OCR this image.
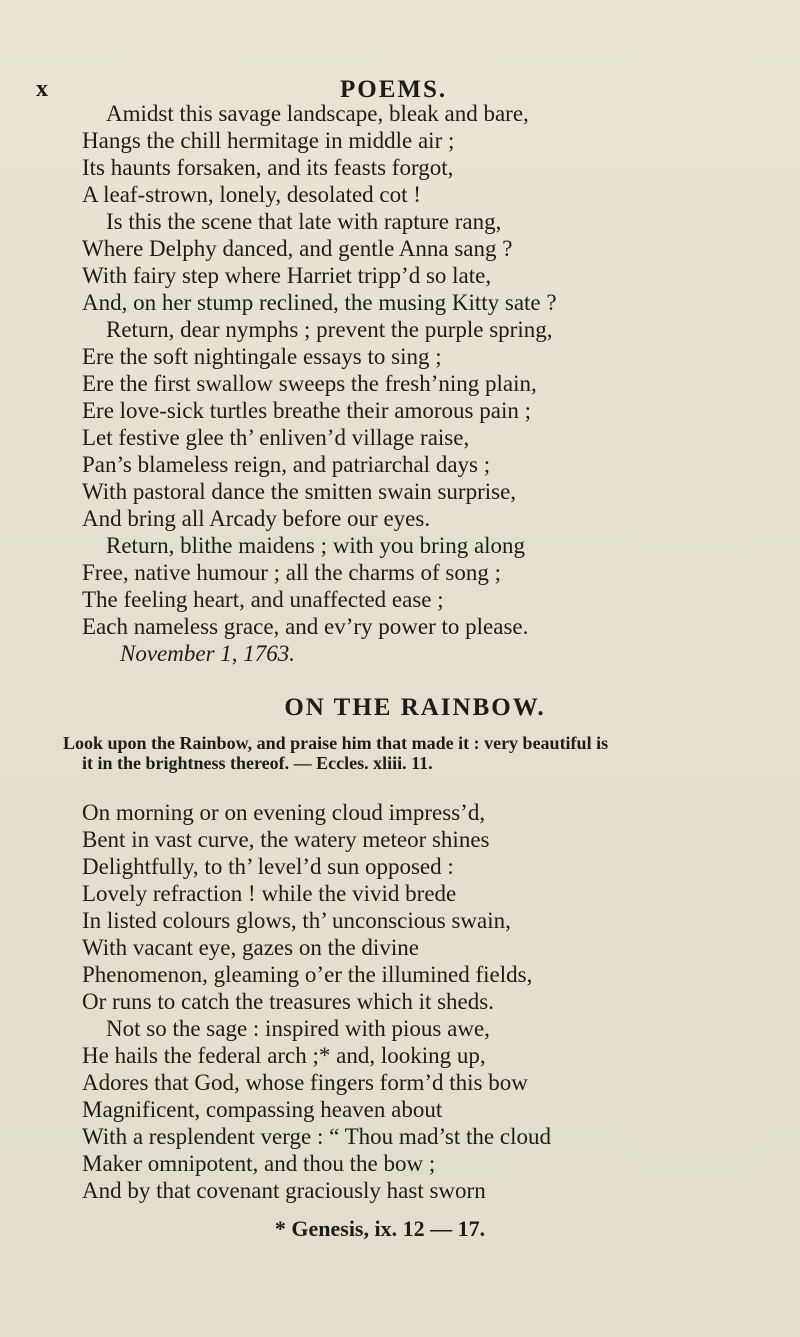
x	POEMS.
Amidst this savage landscape, bleak and bare,
Hangs the chill hermitage in middle air ;
Its haunts forsaken, and its feasts forgot,
A leaf-strown, lonely, desolated cot !
Is this the scene that late with rapture rang,
Where Delphy danced, and gentle Anna sang ?
With fairy step where Harriet tripp’d so late,
And, on her stump reclined, the musing Kitty sate ?
Return, dear nymphs ; prevent the purple spring,
Ere the soft nightingale essays to sing ;
Ere the first swallow sweeps the fresh’ning plain,
Ere love-sick turtles breathe their amorous pain ;
Let festive glee th’ enliven’d village raise,
Pan’s blameless reign, and patriarchal days ;
With pastoral dance the smitten swain surprise,
And bring all Arcady before our eyes.
Return, blithe maidens ; with you bring along
Free, native humour ; all the charms of song ;
The feeling heart, and unaffected ease ;
Each nameless grace, and ev’ry power to please.
November 1, 1763.
ON THE RAINBOW.
Look upon the Rainbow, and praise him that made it : very beautiful is
it in the brightness thereof. — Eccles. xliii. 11.
On morning or on evening cloud impress’d,
Bent in vast curve, the watery meteor shines
Delightfully, to th’ level’d sun opposed :
Lovely refraction ! while the vivid brede
In listed colours glows, th’ unconscious swain,
With vacant eye, gazes on the divine
Phenomenon, gleaming o’er the illumined fields,
Or runs to catch the treasures which it sheds.
Not so the sage : inspired with pious awe,
He hails the federal arch ;* and, looking up,
Adores that God, whose fingers form’d this bow
Magnificent, compassing heaven about
With a resplendent verge : “ Thou mad’st the cloud
Maker omnipotent, and thou the bow ;
And by that covenant graciously hast sworn
* Genesis, ix. 12 — 17.
